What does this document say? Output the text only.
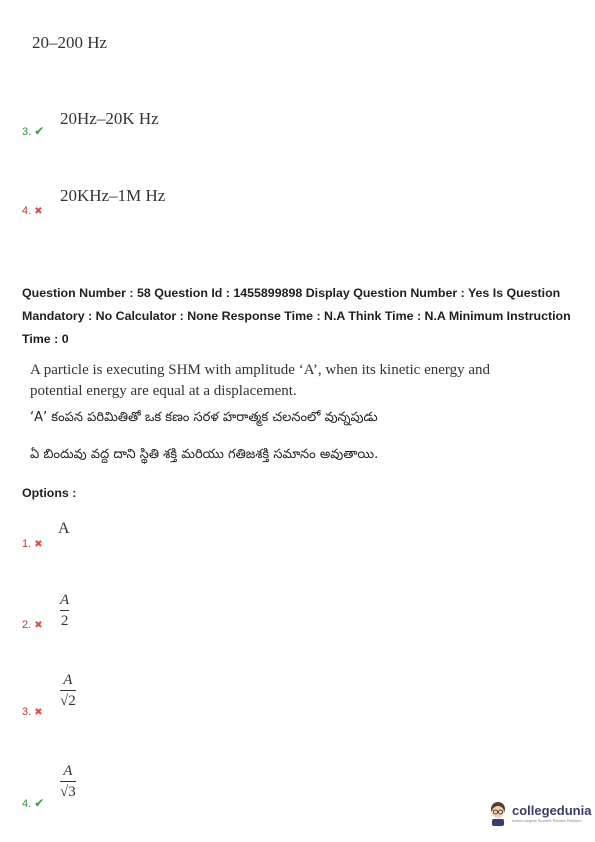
20–200 Hz
20Hz–20K Hz
3. ✔
20KHz–1M Hz
4. ✖
Question Number : 58 Question Id : 1455899898 Display Question Number : Yes Is Question
Mandatory : No Calculator : None Response Time : N.A Think Time : N.A Minimum Instruction
Time : 0
A particle is executing SHM with amplitude ‘A’, when its kinetic energy and
potential energy are equal at a displacement.
‘A’ కంపన పరిమితితో ఒక కణం సరళ హరాత్మక చలనంలో వున్నపుడు
ఏ బిందువు వద్ద దాని స్థితి శక్తి మరియు గతిజశక్తి సమానం అవుతాయి.
Options :
A
1. ✖
$\frac{A}{2}$
2. ✖
$\frac{A}{√2}$
3. ✖
$\frac{A}{√3}$
4. ✔	collegedunia
India's largest Student Review Platform
